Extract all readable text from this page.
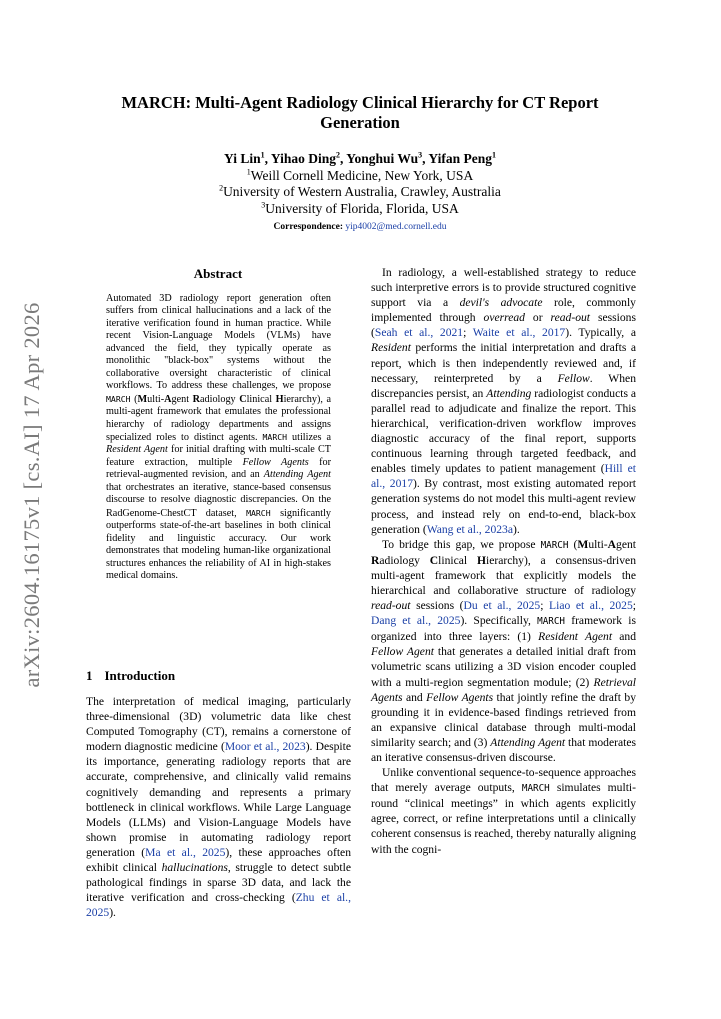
arXiv:2604.16175v1 [cs.AI] 17 Apr 2026
MARCH: Multi-Agent Radiology Clinical Hierarchy for CT Report
Generation
Yi Lin$^1$, Yihao Ding$^2$, Yonghui Wu$^3$, Yifan Peng$^1$
$^1$Weill Cornell Medicine, New York, USA
$^2$University of Western Australia, Crawley, Australia
$^3$University of Florida, Florida, USA
Correspondence: yip4002@med.cornell.edu
Abstract

Automated 3D radiology report generation often suffers from clinical hallucinations and a lack of the iterative verification found in human practice. While recent Vision-Language Models (VLMs) have advanced the field, they typically operate as monolithic "black-box" systems without the collaborative oversight characteristic of clinical workflows. To address these challenges, we propose MARCH (Multi-Agent Radiology Clinical Hierarchy), a multi-agent framework that emulates the professional hierarchy of radiology departments and assigns specialized roles to distinct agents. MARCH utilizes a Resident Agent for initial drafting with multi-scale CT feature extraction, multiple Fellow Agents for retrieval-augmented revision, and an Attending Agent that orchestrates an iterative, stance-based consensus discourse to resolve diagnostic discrepancies. On the RadGenome-ChestCT dataset, MARCH significantly outperforms state-of-the-art baselines in both clinical fidelity and linguistic accuracy. Our work demonstrates that modeling human-like organizational structures enhances the reliability of AI in high-stakes medical domains.

1 Introduction

The interpretation of medical imaging, particularly three-dimensional (3D) volumetric data like chest Computed Tomography (CT), remains a cornerstone of modern diagnostic medicine (Moor et al., 2023). Despite its importance, generating radiology reports that are accurate, comprehensive, and clinically valid remains cognitively demanding and represents a primary bottleneck in clinical workflows. While Large Language Models (LLMs) and Vision-Language Models have shown promise in automating radiology report generation (Ma et al., 2025), these approaches often exhibit clinical hallucinations, struggle to detect subtle pathological findings in sparse 3D data, and lack the iterative verification and cross-checking (Zhu et al., 2025).

In radiology, a well-established strategy to reduce such interpretive errors is to provide structured cognitive support via a devil's advocate role, commonly implemented through overread or read-out sessions (Seah et al., 2021; Waite et al., 2017). Typically, a Resident performs the initial interpretation and drafts a report, which is then independently reviewed and, if necessary, reinterpreted by a Fellow. When discrepancies persist, an Attending radiologist conducts a parallel read to adjudicate and finalize the report. This hierarchical, verification-driven workflow improves diagnostic accuracy of the final report, supports continuous learning through targeted feedback, and enables timely updates to patient management (Hill et al., 2017). By contrast, most existing automated report generation systems do not model this multi-agent review process, and instead rely on end-to-end, black-box generation (Wang et al., 2023a).

To bridge this gap, we propose MARCH (Multi-Agent Radiology Clinical Hierarchy), a consensus-driven multi-agent framework that explicitly models the hierarchical and collaborative structure of radiology read-out sessions (Du et al., 2025; Liao et al., 2025; Dang et al., 2025). Specifically, MARCH framework is organized into three layers: (1) Resident Agent and Fellow Agent that generates a detailed initial draft from volumetric scans utilizing a 3D vision encoder coupled with a multi-region segmentation module; (2) Retrieval Agents and Fellow Agents that jointly refine the draft by grounding it in evidence-based findings retrieved from an expansive clinical database through multi-modal similarity search; and (3) Attending Agent that moderates an iterative consensus-driven discourse.

Unlike conventional sequence-to-sequence approaches that merely average outputs, MARCH simulates multi-round “clinical meetings” in which agents explicitly agree, correct, or refine interpretations until a clinically coherent consensus is reached, thereby naturally aligning with the cogni-
